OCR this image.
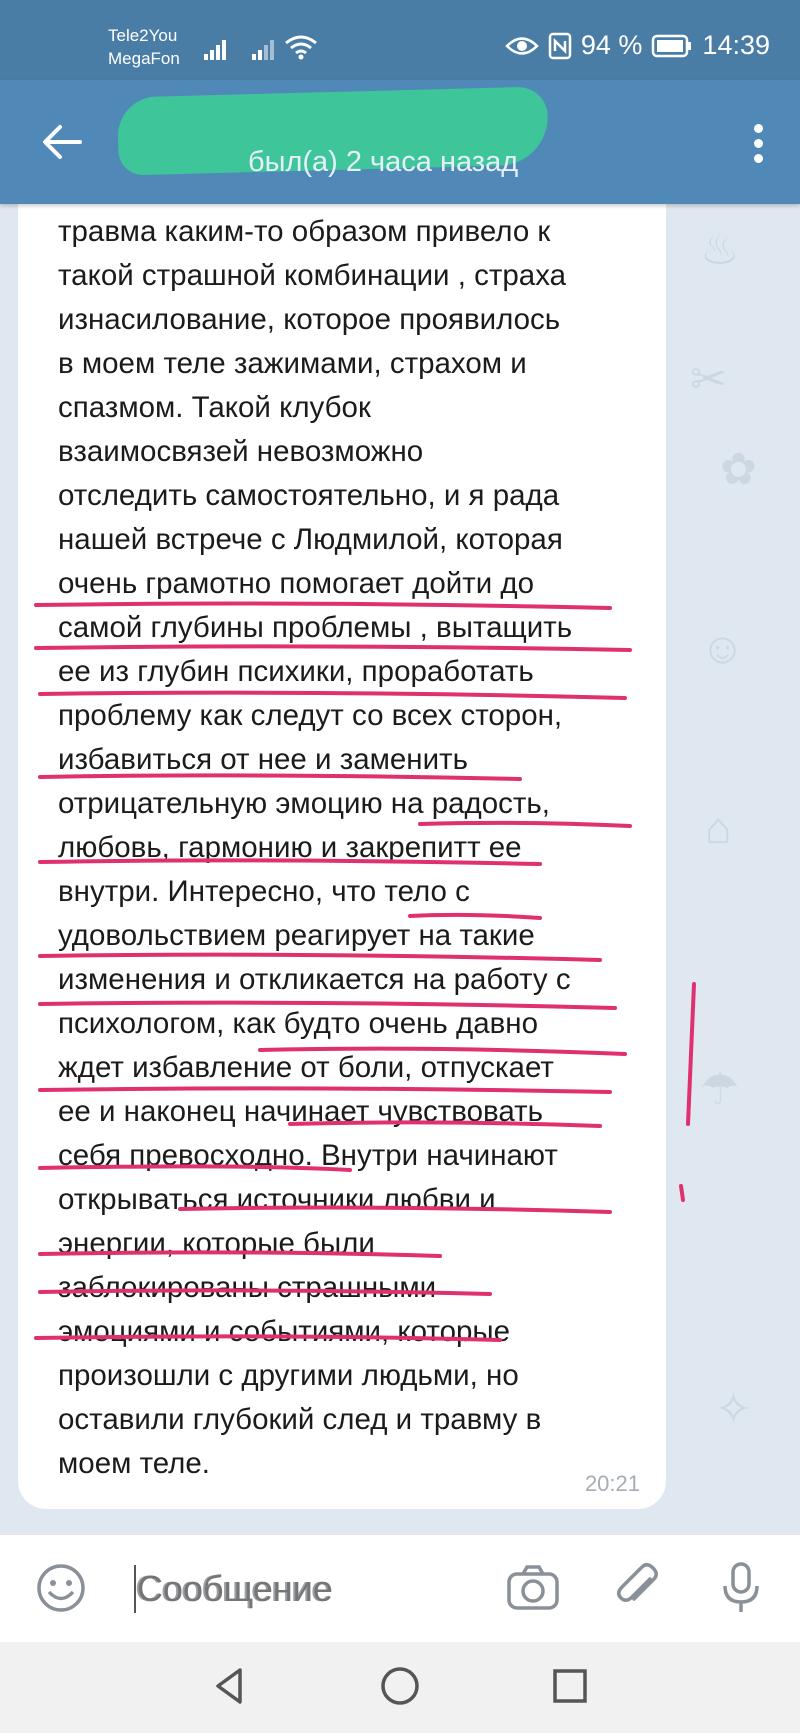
Tele2You
MegaFon	94 % 14:39
был(а) 2 часа назад
♨
✂
✿
☺
⌂
☂
✧
травма каким-то образом привело к
такой страшной комбинации , страха
изнасилование, которое проявилось
в моем теле зажимами, страхом и
спазмом. Такой клубок
взаимосвязей невозможно
отследить самостоятельно, и я рада
нашей встрече с Людмилой, которая
очень грамотно помогает дойти до
самой глубины проблемы , вытащить
ее из глубин психики, проработать
проблему как следут со всех сторон,
избавиться от нее и заменить
отрицательную эмоцию на радость,
любовь, гармонию и закрепитт ее
внутри. Интересно, что тело с
удовольствием реагирует на такие
изменения и откликается на работу с
психологом, как будто очень давно
ждет избавление от боли, отпускает
ее и наконец начинает чувствовать
себя превосходно. Внутри начинают
открываться источники любви и
энергии, которые были
заблокированы страшными
эмоциями и событиями, которые
произошли с другими людьми, но
оставили глубокий след и травму в
моем теле.
20:21
Сообщение
